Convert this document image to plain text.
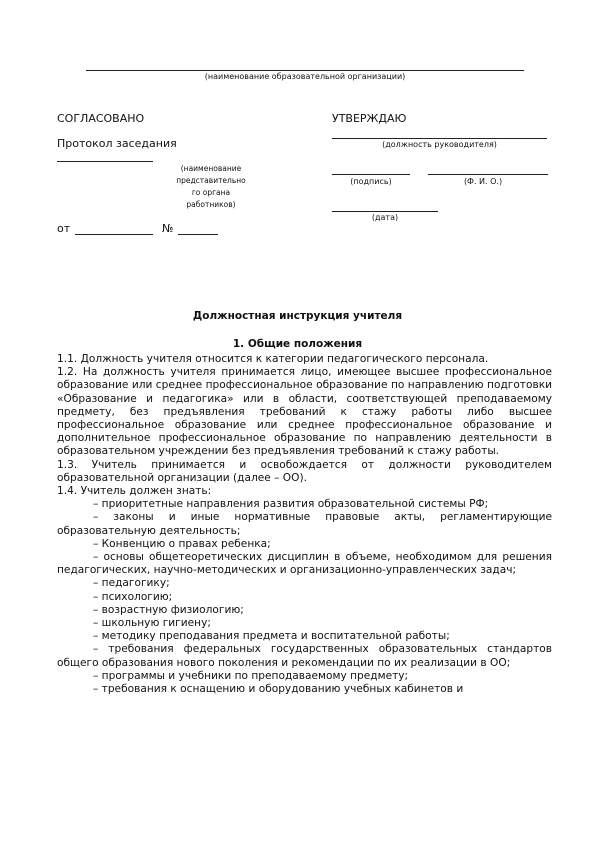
(наименование образовательной организации)
СОГЛАСОВАНО
Протокол заседания
(наименование
представительно
го органа
работников)
от	№
УТВЕРЖДАЮ
(должность руководителя)
(подпись)	(Ф. И. О.)
(дата)
Должностная инструкция учителя
1. Общие положения

1.1. Должность учителя относится к категории педагогического персонала.

1.2. На должность учителя принимается лицо, имеющее высшее профессиональное образование или среднее профессиональное образование по направлению подготовки «Образование и педагогика» или в области, соответствующей преподаваемому предмету, без предъявления требований к стажу работы либо высшее профессиональное образование или среднее профессиональное образование и дополнительное профессиональное образование по направлению деятельности в образовательном учреждении без предъявления требований к стажу работы.

1.3. Учитель принимается и освобождается от должности руководителем образовательной организации (далее – ОО).

1.4. Учитель должен знать:

– приоритетные направления развития образовательной системы РФ;

– законы и иные нормативные правовые акты, регламентирующие образовательную деятельность;

– Конвенцию о правах ребенка;

– основы общетеоретических дисциплин в объеме, необходимом для решения педагогических, научно-методических и организационно-управленческих задач;

– педагогику;

– психологию;

– возрастную физиологию;

– школьную гигиену;

– методику преподавания предмета и воспитательной работы;

– требования федеральных государственных образовательных стандартов общего образования нового поколения и рекомендации по их реализации в ОО;

– программы и учебники по преподаваемому предмету;

– требования к оснащению и оборудованию учебных кабинетов и
